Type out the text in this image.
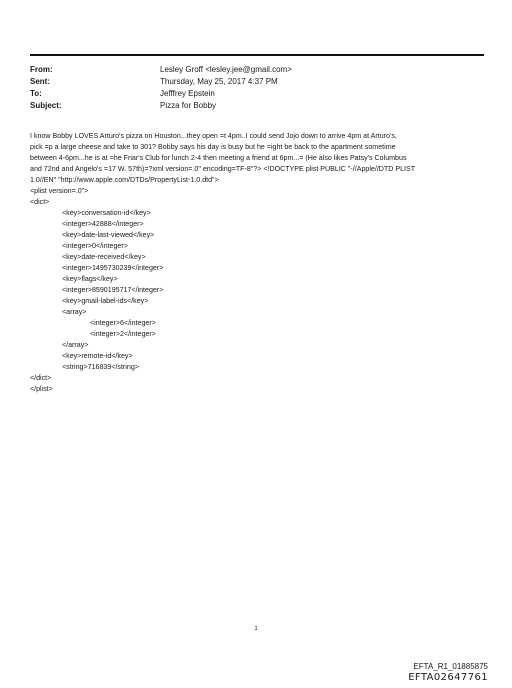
From:	Lesley Groff <lesley.jee@gmail.com>
Sent:	Thursday, May 25, 2017 4:37 PM
To:	Jefffrey Epstein
Subject:	Pizza for Bobby
I know Bobby LOVES Arturo's pizza on Houston...they open =t 4pm..I could send Jojo down to arrive 4pm at Arturo's,
pick =p a large cheese and take to 301? Bobby says his day is busy but he =ight be back to the apartment sometime
between 4-6pm...he is at =he Friar's Club for lunch 2-4 then meeting a friend at 6pm...= (He also likes Patsy's Columbus
and 72nd and Angelo's =17 W. 57th)=?xml version=.0" encoding=TF-8"?> <!DOCTYPE plist PUBLIC "-//Apple//DTD PLIST
1.0//EN" "http://www.apple.com/DTDs/PropertyList-1.0.dtd">
<plist version=.0">
<dict>
<key>conversation-id</key>
<integer>42888</integer>
<key>date-last-viewed</key>
<integer>0</integer>
<key>date-received</key>
<integer>1495730239</integer>
<key>flags</key>
<integer>8590195717</integer>
<key>gmail-label-ids</key>
<array>
<integer>6</integer>
<integer>2</integer>
</array>
<key>remote-id</key>
<string>716839</string>
</dict>
</plist>
1
EFTA_R1_01885875
EFTA02647761
